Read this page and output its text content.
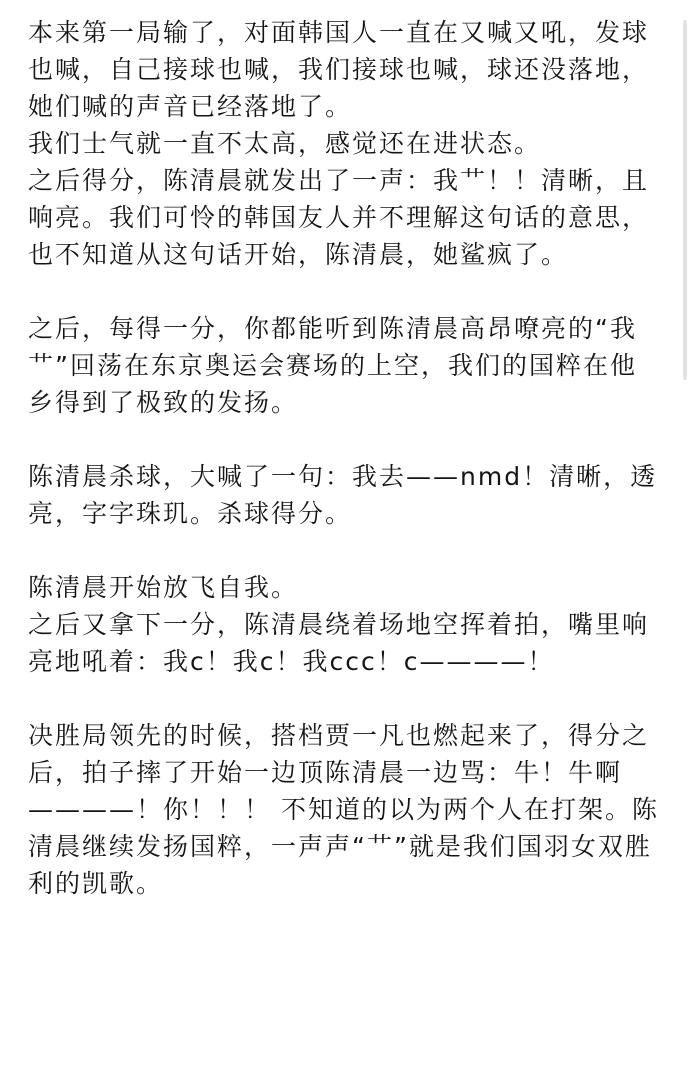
本来第一局输了，对面韩国人一直在又喊又吼，发球也喊，自己接球也喊，我们接球也喊，球还没落地，她们喊的声音已经落地了。

我们士气就一直不太高，感觉还在进状态。

之后得分，陈清晨就发出了一声：我艹！！清晰，且响亮。我们可怜的韩国友人并不理解这句话的意思，也不知道从这句话开始，陈清晨，她鲨疯了。

之后，每得一分，你都能听到陈清晨高昂嘹亮的“我艹”回荡在东京奥运会赛场的上空，我们的国粹在他乡得到了极致的发扬。

陈清晨杀球，大喊了一句：我去——nmd！清晰，透亮，字字珠玑。杀球得分。

陈清晨开始放飞自我。

之后又拿下一分，陈清晨绕着场地空挥着拍，嘴里响亮地吼着：我c！我c！我ccc！c————！

决胜局领先的时候，搭档贾一凡也燃起来了，得分之后，拍子摔了开始一边顶陈清晨一边骂：牛！牛啊————！你！！！ 不知道的以为两个人在打架。陈清晨继续发扬国粹，一声声“艹”就是我们国羽女双胜利的凯歌。
